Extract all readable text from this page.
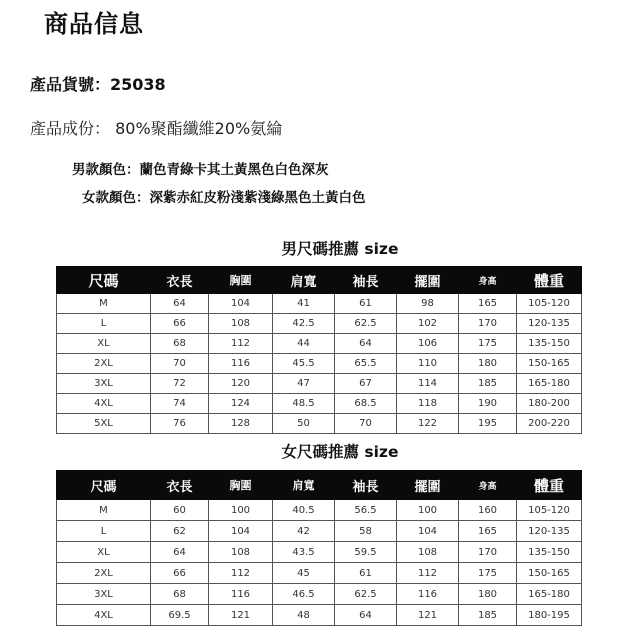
商品信息
產品貨號：25038
產品成份： 80%聚酯纖維20%氨綸
男款顏色：蘭色青綠卡其土黃黑色白色深灰
女款顏色：深紫赤紅皮粉淺紫淺綠黑色土黃白色
男尺碼推薦 size
尺碼	衣長	胸圍	肩寬	袖長	擺圍	身高	體重
M	64	104	41	61	98	165	105-120
L	66	108	42.5	62.5	102	170	120-135
XL	68	112	44	64	106	175	135-150
2XL	70	116	45.5	65.5	110	180	150-165
3XL	72	120	47	67	114	185	165-180
4XL	74	124	48.5	68.5	118	190	180-200
5XL	76	128	50	70	122	195	200-220
女尺碼推薦 size
尺碼	衣長	胸圍	肩寬	袖長	擺圍	身高	體重
M	60	100	40.5	56.5	100	160	105-120
L	62	104	42	58	104	165	120-135
XL	64	108	43.5	59.5	108	170	135-150
2XL	66	112	45	61	112	175	150-165
3XL	68	116	46.5	62.5	116	180	165-180
4XL	69.5	121	48	64	121	185	180-195
